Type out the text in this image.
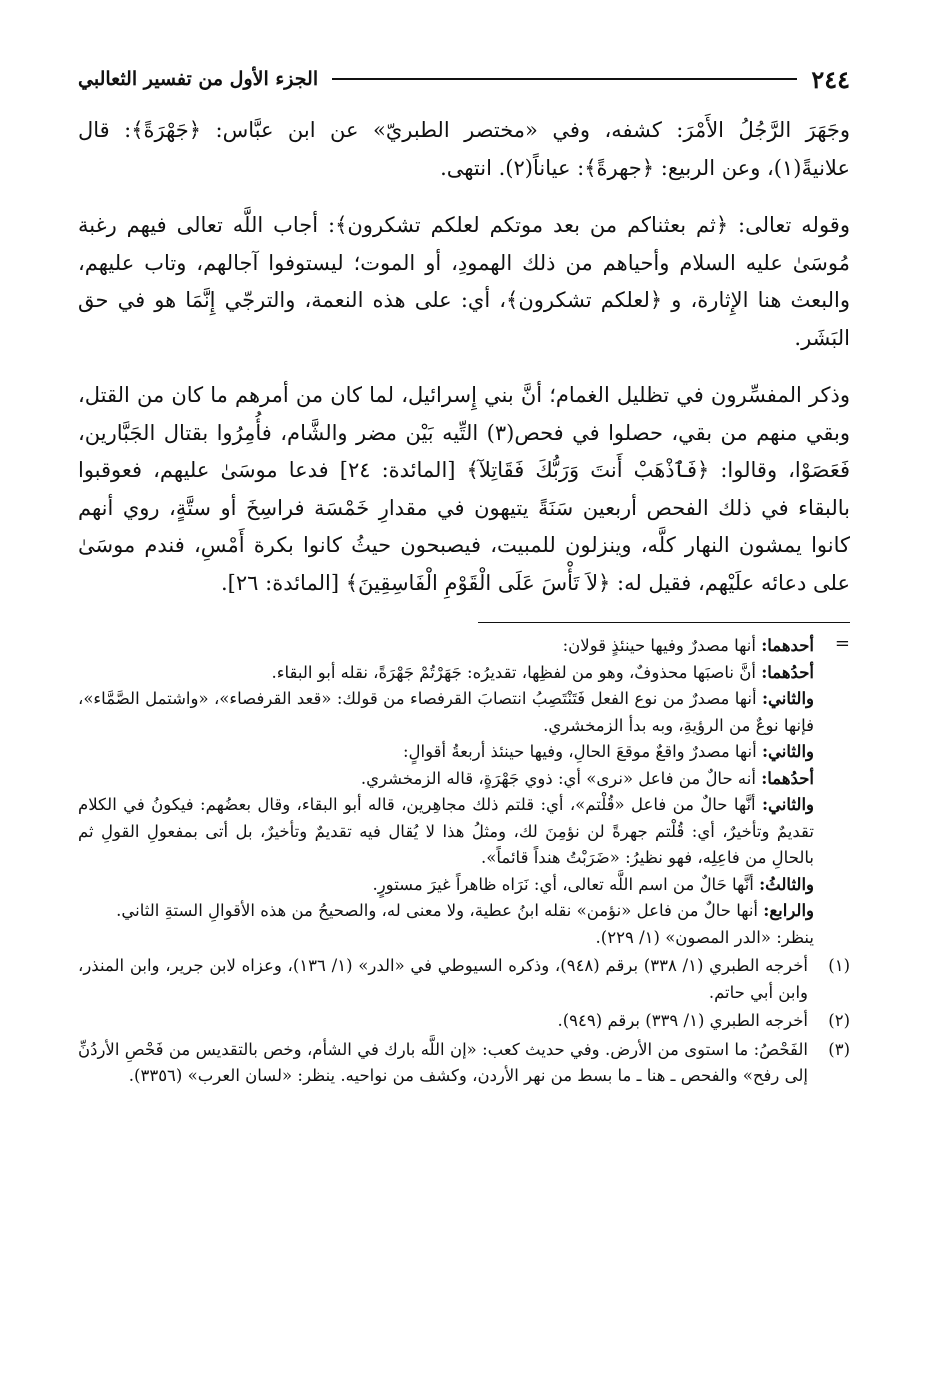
٢٤٤
الجزء الأول من تفسير الثعالبي

وجَهَرَ الرَّجُلُ الأَمْرَ: كشفه، وفي «مختصر الطبريّ» عن ابن عبَّاس: ﴿جَهْرَةً﴾: قال علانيةً(١)، وعن الربيع: ﴿جهرةً﴾: عياناً(٢). انتهى.

وقوله تعالى: ﴿ثم بعثناكم من بعد موتكم لعلكم تشكرون﴾: أجاب اللَّه تعالى فيهم رغبة مُوسَىٰ عليه السلام وأحياهم من ذلك الهمودِ، أو الموت؛ ليستوفوا آجالهم، وتاب عليهم، والبعث هنا الإِثارة، و ﴿لعلكم تشكرون﴾، أي: على هذه النعمة، والترجّي إِنَّمَا هو في حق البَشَر.

وذكر المفسِّرون في تظليل الغمام؛ أنَّ بني إِسرائيل، لما كان من أمرهم ما كان من القتل، وبقي منهم من بقي، حصلوا في فحص(٣) التِّيه بَيْن مضر والشَّام، فأُمِرُوا بقتال الجَبَّارين، فَعَصَوْا، وقالوا: ﴿فَٱذْهَبْ أَنتَ وَرَبُّكَ فَقَاتِلآ﴾ [المائدة: ٢٤] فدعا موسَىٰ عليهم، فعوقبوا بالبقاء في ذلك الفحص أربعين سَنَةً يتيهون في مقدارِ خَمْسَة فراسِخَ أو ستَّةٍ، روي أنهم كانوا يمشون النهار كلَّه، وينزلون للمبيت، فيصبحون حيثُ كانوا بكرة أَمْسِ، فندم موسَىٰ على دعائه علَيْهم، فقيل له: ﴿لاَ تَأْسَ عَلَى الْقَوْمِ الْفَاسِقِينَ﴾ [المائدة: ٢٦].

=

أحدهما: أنها مصدرٌ وفيها حينئذٍ قولان:

أحدُهما: أنَّ ناصبَها محذوفٌ، وهو من لفظِها، تقديرُه: جَهَرْتُمْ جَهْرَةً، نقله أبو البقاء.

والثاني: أنها مصدرٌ من نوع الفعل فَتَنْتَصِبُ انتصابَ القرفصاء من قولك: «قعد القرفصاء»، «واشتمل الصَّمَّاء»، فإنها نوعٌ من الرؤيةِ، وبه بدأ الزمخشري.

والثاني: أنها مصدرٌ واقعٌ موقعَ الحالِ، وفيها حينئذ أربعةُ أقوالٍ:

أحدُهما: أنه حالٌ من فاعل «نرى» أي: ذوي جَهْرَةٍ، قاله الزمخشري.

والثاني: أنَّها حالٌ من فاعل «قُلْتم»، أي: قلتم ذلك مجاهِرين، قاله أبو البقاء، وقال بعضُهم: فيكونُ في الكلام تقديمٌ وتأخيرٌ، أي: قُلْتم جهرةً لن نؤمِنَ لك، ومثلُ هذا لا يُقال فيه تقديمٌ وتأخيرٌ، بل أتى بمفعولِ القولِ ثم بالحالِ من فاعِلِه، فهو نظيرُ: «ضَرَبْتُ هنداً قائماً».

والثالثُ: أنَّها حَالٌ من اسم اللَّه تعالى، أي: نَرَاه ظاهراً غيرَ مستورٍ.

والرابع: أنها حالٌ من فاعل «نؤمن» نقله ابنُ عطية، ولا معنى له، والصحيحُ من هذه الأقوالِ الستةِ الثاني.

ينظر: «الدر المصون» (١/ ٢٢٩).

(١)

أخرجه الطبري (١/ ٣٣٨) برقم (٩٤٨)، وذكره السيوطي في «الدر» (١/ ١٣٦)، وعزاه لابن جرير، وابن المنذر، وابن أبي حاتم.

(٢)

أخرجه الطبري (١/ ٣٣٩) برقم (٩٤٩).

(٣)

الفَحْصُ: ما استوى من الأرض. وفي حديث كعب: «إن اللَّه بارك في الشأم، وخص بالتقديس من فَحْصِ الأردُنِّ إلى رفح» والفحص ـ هنا ـ ما بسط من نهر الأردن، وكشف من نواحيه. ينظر: «لسان العرب» (٣٣٥٦).
